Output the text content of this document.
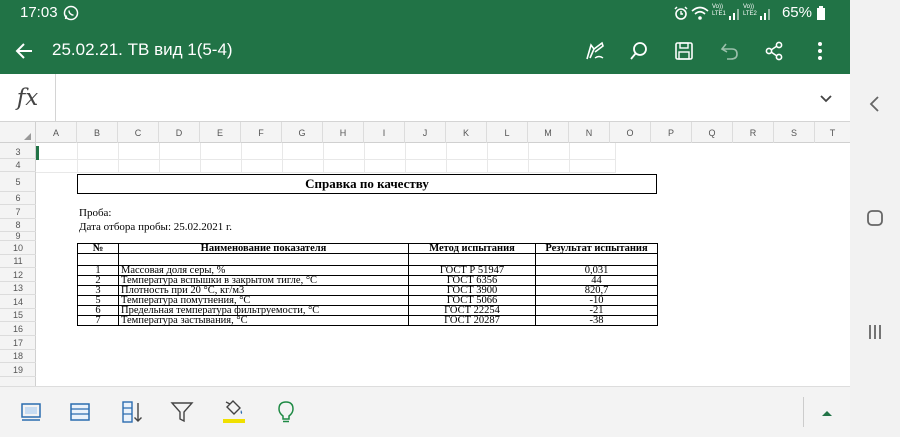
17:03	Vo))
LTE1
Vo))
LTE2 65%
25.02.21. ТВ вид 1(5-4)
fx
A	B	C	D	E	F	G	H	I	J	K	L	M	N	O	P	Q	R	S	T
3
4
5
6
7
8
9
10
11
12
13
14
15
16
17
18
19
Справка по качеству
Проба:
Дата отбора пробы: 25.02.2021 г.
№	Наименование показателя	Метод испытания	Результат испытания

1	Массовая доля серы, %	ГОСТ Р 51947	0,031
2	Температура вспышки в закрытом тигле, °С	ГОСТ 6356	44
3	Плотность при 20 °С, кг/м3	ГОСТ 3900	820,7
5	Температура помутнения, °С	ГОСТ 5066	-10
6	Предельная температура фильтруемости, °С	ГОСТ 22254	-21
7	Температура застывания, °С	ГОСТ 20287	-38
